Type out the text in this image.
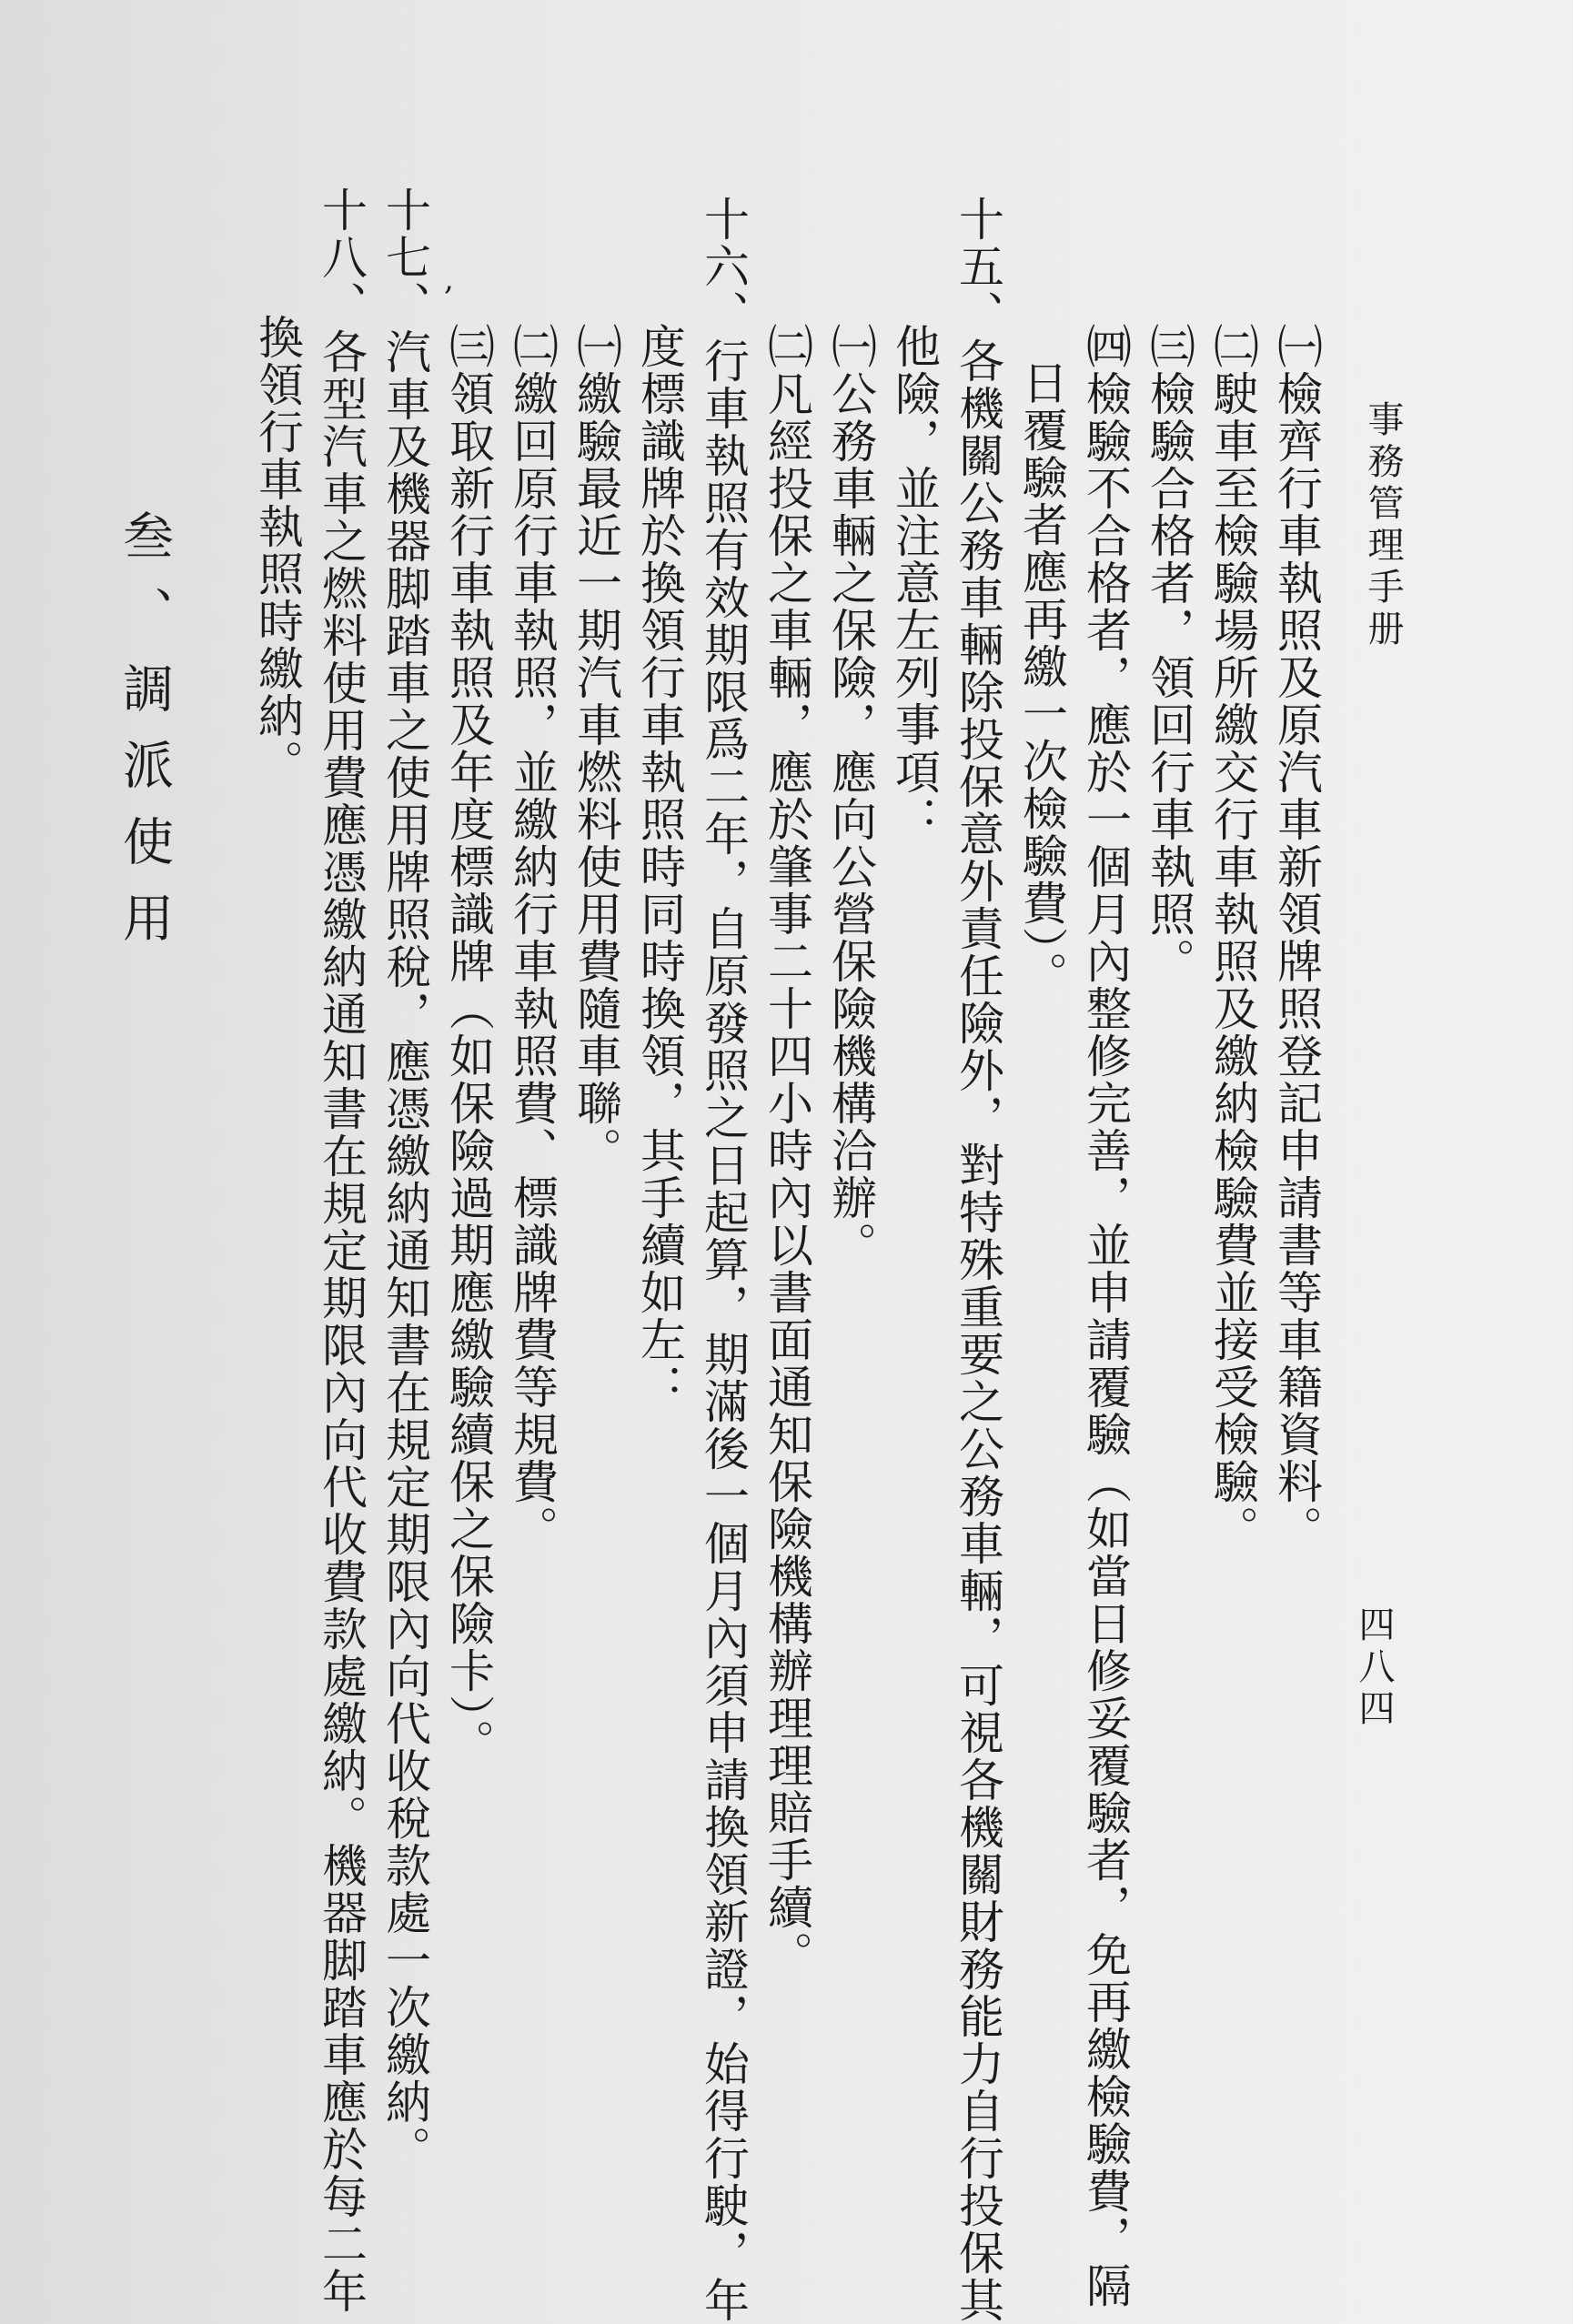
事務管理手册
四八四
㈠檢齊行車執照及原汽車新領牌照登記申請書等車籍資料。
㈡駛車至檢驗場所繳交行車執照及繳納檢驗費並接受檢驗。
㈢檢驗合格者，領回行車執照。
㈣檢驗不合格者，應於一個月內整修完善，並申請覆驗（如當日修妥覆驗者，免再繳檢驗費，隔
日覆驗者應再繳一次檢驗費）。
十五、各機關公務車輛除投保意外責任險外，對特殊重要之公務車輛，可視各機關財務能力自行投保其
他險，並注意左列事項：
㈠公務車輛之保險，應向公營保險機構洽辦。
㈡凡經投保之車輛，應於肇事二十四小時內以書面通知保險機構辦理理賠手續。
十六、行車執照有效期限爲二年，自原發照之日起算，期滿後一個月內須申請換領新證，始得行駛，年
度標識牌於換領行車執照時同時換領，其手續如左：
㈠繳驗最近一期汽車燃料使用費隨車聯。
㈡繳回原行車執照，並繳納行車執照費、標識牌費等規費。
㈢領取新行車執照及年度標識牌（如保險過期應繳驗續保之保險卡）。
十七、汽車及機器脚踏車之使用牌照稅，應憑繳納通知書在規定期限內向代收稅款處一次繳納。
十八、各型汽車之燃料使用費應憑繳納通知書在規定期限內向代收費款處繳納。機器脚踏車應於每二年
換領行車執照時繳納。
叁、調派使用
,
